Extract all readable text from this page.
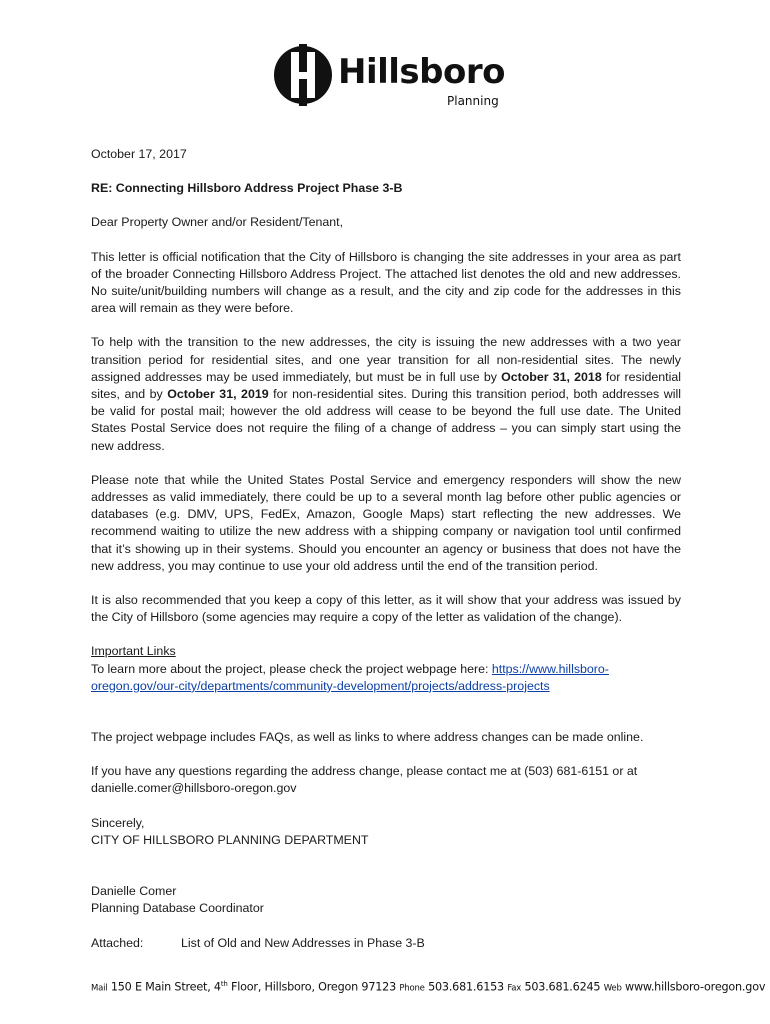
Hillsboro
Planning

October 17, 2017

RE: Connecting Hillsboro Address Project Phase 3-B

Dear Property Owner and/or Resident/Tenant,

This letter is official notification that the City of Hillsboro is changing the site addresses in your area as part of the broader Connecting Hillsboro Address Project. The attached list denotes the old and new addresses. No suite/unit/building numbers will change as a result, and the city and zip code for the addresses in this area will remain as they were before.

To help with the transition to the new addresses, the city is issuing the new addresses with a two year transition period for residential sites, and one year transition for all non-residential sites. The newly assigned addresses may be used immediately, but must be in full use by October 31, 2018 for residential sites, and by October 31, 2019 for non-residential sites. During this transition period, both addresses will be valid for postal mail; however the old address will cease to be beyond the full use date. The United States Postal Service does not require the filing of a change of address – you can simply start using the new address.

Please note that while the United States Postal Service and emergency responders will show the new addresses as valid immediately, there could be up to a several month lag before other public agencies or databases (e.g. DMV, UPS, FedEx, Amazon, Google Maps) start reflecting the new addresses. We recommend waiting to utilize the new address with a shipping company or navigation tool until confirmed that it’s showing up in their systems. Should you encounter an agency or business that does not have the new address, you may continue to use your old address until the end of the transition period.

It is also recommended that you keep a copy of this letter, as it will show that your address was issued by the City of Hillsboro (some agencies may require a copy of the letter as validation of the change).

Important Links

To learn more about the project, please check the project webpage here: https://www.hillsboro-oregon.gov/our-city/departments/community-development/projects/address-projects

The project webpage includes FAQs, as well as links to where address changes can be made online.

If you have any questions regarding the address change, please contact me at (503) 681-6151 or at danielle.comer@hillsboro-oregon.gov

Sincerely,

CITY OF HILLSBORO PLANNING DEPARTMENT

Danielle Comer

Planning Database Coordinator

Attached:	List of Old and New Addresses in Phase 3-B
Mail 150 E Main Street, 4th Floor, Hillsboro, Oregon 97123 Phone 503.681.6153 Fax 503.681.6245 Web www.hillsboro-oregon.gov
